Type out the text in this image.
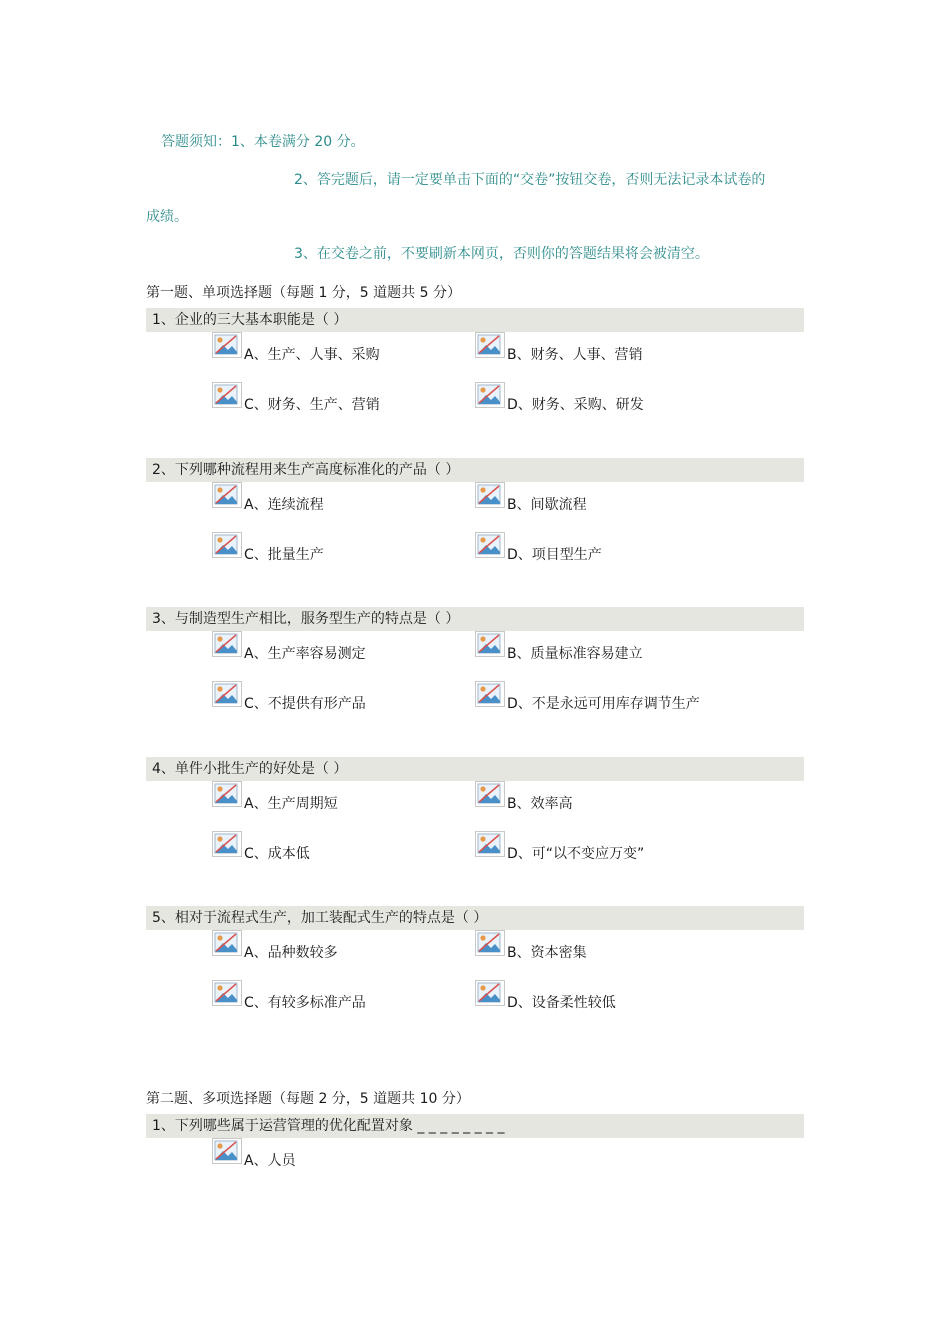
答题须知：1、本卷满分 20 分。
2、答完题后，请一定要单击下面的“交卷”按钮交卷，否则无法记录本试卷的
成绩。
3、在交卷之前，不要刷新本网页，否则你的答题结果将会被清空。
第一题、单项选择题（每题 1 分，5 道题共 5 分）
1、企业的三大基本职能是（ ）
A、生产、人事、采购	B、财务、人事、营销
C、财务、生产、营销	D、财务、采购、研发
2、下列哪种流程用来生产高度标准化的产品（ ）
A、连续流程	B、间歇流程
C、批量生产	D、项目型生产
3、与制造型生产相比，服务型生产的特点是（ ）
A、生产率容易测定	B、质量标准容易建立
C、不提供有形产品	D、不是永远可用库存调节生产
4、单件小批生产的好处是（ ）
A、生产周期短	B、效率高
C、成本低	D、可“以不变应万变”
5、相对于流程式生产，加工装配式生产的特点是（ ）
A、品种数较多	B、资本密集
C、有较多标准产品	D、设备柔性较低
第二题、多项选择题（每题 2 分，5 道题共 10 分）
1、下列哪些属于运营管理的优化配置对象 _ _ _ _ _ _ _ _
A、人员
